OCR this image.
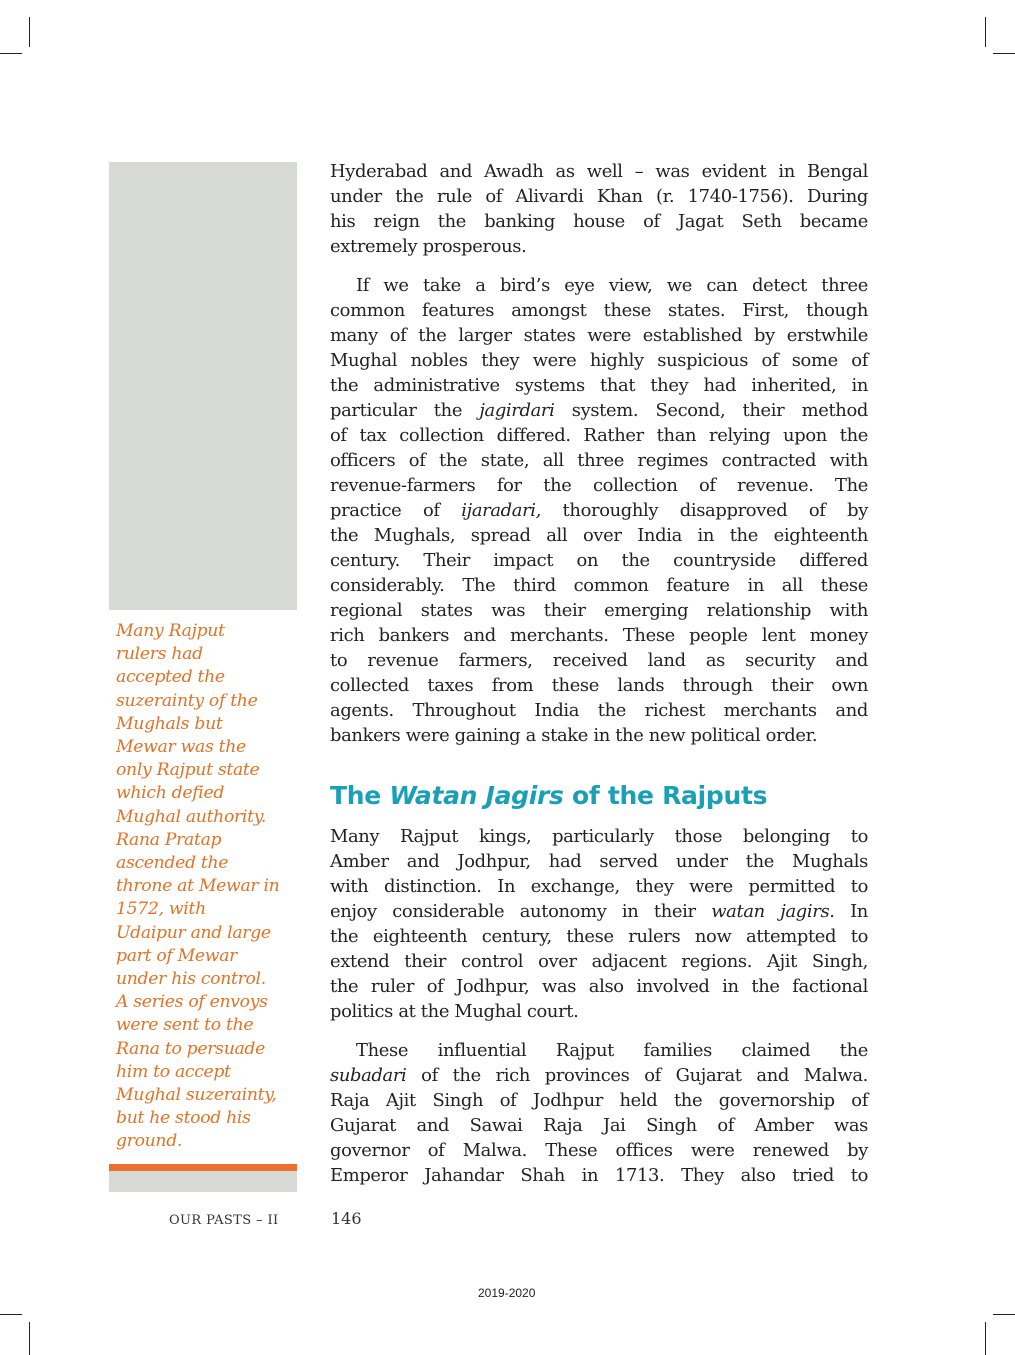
Many Rajput
rulers had
accepted the
suzerainty of the
Mughals but
Mewar was the
only Rajput state
which defied
Mughal authority.
Rana Pratap
ascended the
throne at Mewar in
1572, with
Udaipur and large
part of Mewar
under his control.
A series of envoys
were sent to the
Rana to persuade
him to accept
Mughal suzerainty,
but he stood his
ground.
Hyderabad and Awadh as well – was evident in Bengal
under the rule of Alivardi Khan (r. 1740-1756). During
his reign the banking house of Jagat Seth became
extremely prosperous.
If we take a bird’s eye view, we can detect three
common features amongst these states. First, though
many of the larger states were established by erstwhile
Mughal nobles they were highly suspicious of some of
the administrative systems that they had inherited, in
particular the jagirdari system. Second, their method
of tax collection differed. Rather than relying upon the
officers of the state, all three regimes contracted with
revenue-farmers for the collection of revenue. The
practice of ijaradari, thoroughly disapproved of by
the Mughals, spread all over India in the eighteenth
century. Their impact on the countryside differed
considerably. The third common feature in all these
regional states was their emerging relationship with
rich bankers and merchants. These people lent money
to revenue farmers, received land as security and
collected taxes from these lands through their own
agents. Throughout India the richest merchants and
bankers were gaining a stake in the new political order.
The Watan Jagirs of the Rajputs
Many Rajput kings, particularly those belonging to
Amber and Jodhpur, had served under the Mughals
with distinction. In exchange, they were permitted to
enjoy considerable autonomy in their watan jagirs. In
the eighteenth century, these rulers now attempted to
extend their control over adjacent regions. Ajit Singh,
the ruler of Jodhpur, was also involved in the factional
politics at the Mughal court.
These influential Rajput families claimed the
subadari of the rich provinces of Gujarat and Malwa.
Raja Ajit Singh of Jodhpur held the governorship of
Gujarat and Sawai Raja Jai Singh of Amber was
governor of Malwa. These offices were renewed by
Emperor Jahandar Shah in 1713. They also tried to
OUR PASTS – II	146
2019-2020
